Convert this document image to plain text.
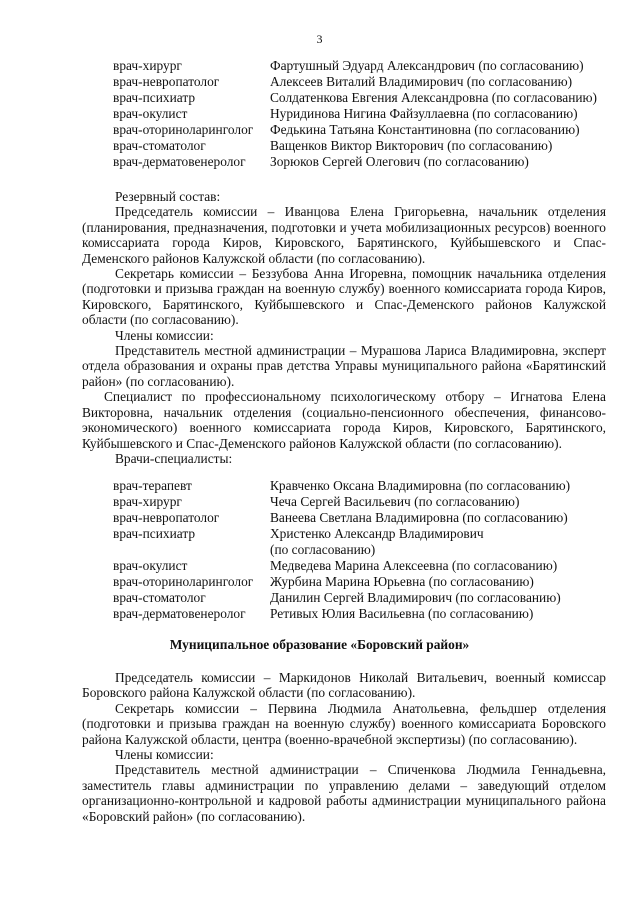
3
врач-хирург	Фартушный Эдуард Александрович (по согласованию)
врач-невропатолог	Алексеев Виталий Владимирович (по согласованию)
врач-психиатр	Солдатенкова Евгения Александровна (по согласованию)
врач-окулист	Нуридинова Нигина Файзуллаевна (по согласованию)
врач-оториноларинголог	Федькина Татьяна Константиновна (по согласованию)
врач-стоматолог	Ващенков Виктор Викторович (по согласованию)
врач-дерматовенеролог	Зорюков Сергей Олегович (по согласованию)

Резервный состав:

Председатель комиссии – Иванцова Елена Григорьевна, начальник отделения (планирования, предназначения, подготовки и учета мобилизационных ресурсов) военного комиссариата города Киров, Кировского, Барятинского, Куйбышевского и Спас-Деменского районов Калужской области (по согласованию).

Секретарь комиссии – Беззубова Анна Игоревна, помощник начальника отделения (подготовки и призыва граждан на военную службу) военного комиссариата города Киров, Кировского, Барятинского, Куйбышевского и Спас-Деменского районов Калужской области (по согласованию).

Члены комиссии:

Представитель местной администрации – Мурашова Лариса Владимировна, эксперт отдела образования и охраны прав детства Управы муниципального района «Барятинский район» (по согласованию).

Специалист по профессиональному психологическому отбору – Игнатова Елена Викторовна, начальник отделения (социально-пенсионного обеспечения, финансово-экономического) военного комиссариата города Киров, Кировского, Барятинского, Куйбышевского и Спас-Деменского районов Калужской области (по согласованию).

Врачи-специалисты:

врач-терапевт	Кравченко Оксана Владимировна (по согласованию)
врач-хирург	Чеча Сергей Васильевич (по согласованию)
врач-невропатолог	Ванеева Светлана Владимировна (по согласованию)
врач-психиатр	Христенко Александр Владимирович
(по согласованию)
врач-окулист	Медведева Марина Алексеевна (по согласованию)
врач-оториноларинголог	Журбина Марина Юрьевна (по согласованию)
врач-стоматолог	Данилин Сергей Владимирович (по согласованию)
врач-дерматовенеролог	Ретивых Юлия Васильевна (по согласованию)
Муниципальное образование «Боровский район»

Председатель комиссии – Маркидонов Николай Витальевич, военный комиссар Боровского района Калужской области (по согласованию).

Секретарь комиссии – Первина Людмила Анатольевна, фельдшер отделения (подготовки и призыва граждан на военную службу) военного комиссариата Боровского района Калужской области, центра (военно-врачебной экспертизы) (по согласованию).

Члены комиссии:

Представитель местной администрации – Спиченкова Людмила Геннадьевна, заместитель главы администрации по управлению делами – заведующий отделом организационно-контрольной и кадровой работы администрации муниципального района «Боровский район» (по согласованию).
